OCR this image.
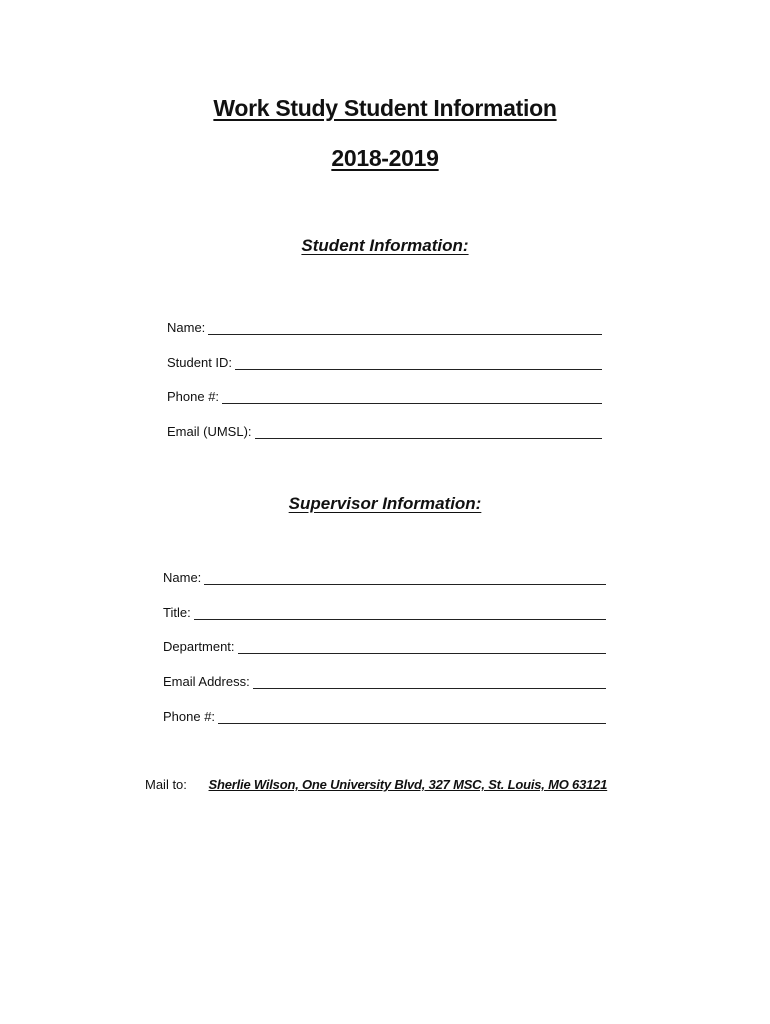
Work Study Student Information
2018-2019
Student Information:
Name:
Student ID:
Phone #:
Email (UMSL):
Supervisor Information:
Name:
Title:
Department:
Email Address:
Phone #:
Mail to: Sherlie Wilson, One University Blvd, 327 MSC, St. Louis, MO 63121
